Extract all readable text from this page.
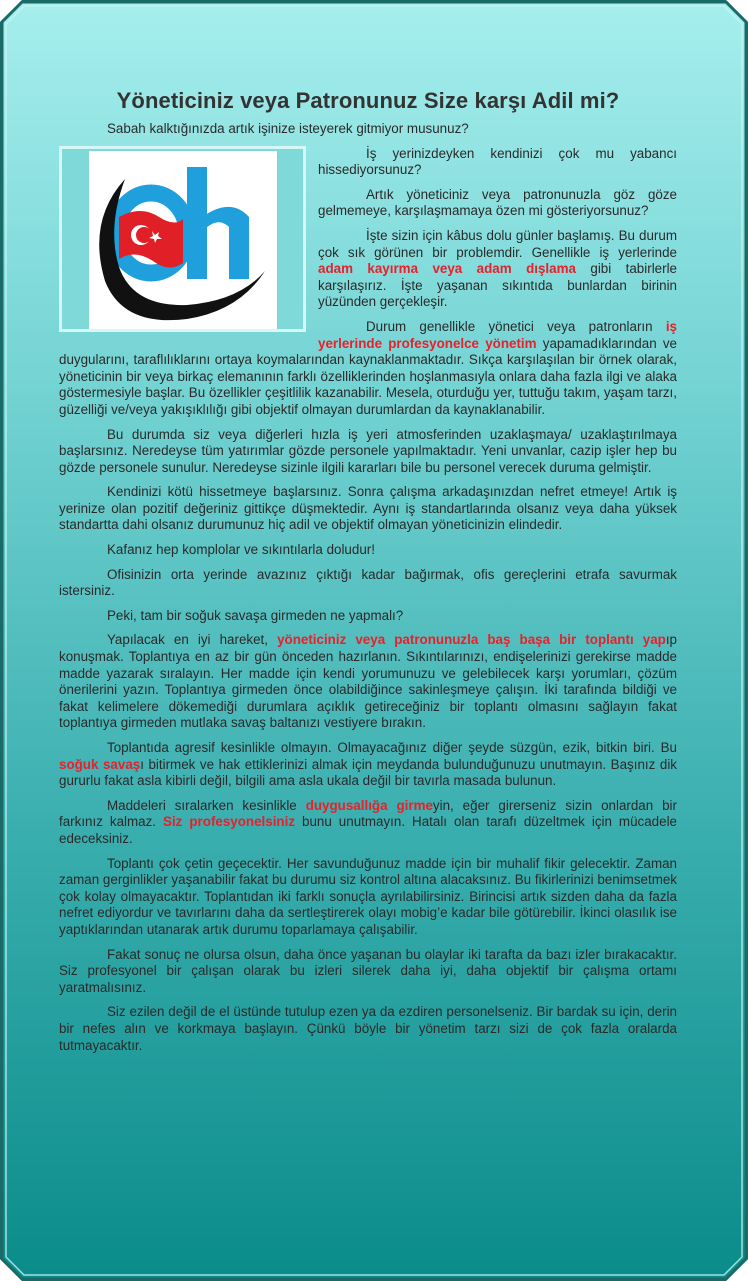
Yöneticiniz veya Patronunuz Size karşı Adil mi?

Sabah kalktığınızda artık işinize isteyerek gitmiyor musunuz?

İş yerinizdeyken kendinizi çok mu yabancı hissediyorsunuz?

Artık yöneticiniz veya patronunuzla göz göze gelmemeye, karşılaşmamaya özen mi gösteriyorsunuz?

İşte sizin için kâbus dolu günler başlamış. Bu durum çok sık görünen bir problemdir. Genellikle iş yerlerinde adam kayırma veya adam dışlama gibi tabirlerle karşılaşırız. İşte yaşanan sıkıntıda bunlardan birinin yüzünden gerçekleşir.

Durum genellikle yönetici veya patronların iş yerlerinde profesyonelce yönetim yapamadıklarından ve duygularını, taraflılıklarını ortaya koymalarından kaynaklanmaktadır. Sıkça karşılaşılan bir örnek olarak, yöneticinin bir veya birkaç elemanının farklı özelliklerinden hoşlanmasıyla onlara daha fazla ilgi ve alaka göstermesiyle başlar. Bu özellikler çeşitlilik kazanabilir. Mesela, oturduğu yer, tuttuğu takım, yaşam tarzı, güzelliği ve/veya yakışıklılığı gibi objektif olmayan durumlardan da kaynaklanabilir.

Bu durumda siz veya diğerleri hızla iş yeri atmosferinden uzaklaşmaya/ uzaklaştırılmaya başlarsınız. Neredeyse tüm yatırımlar gözde personele yapılmaktadır. Yeni unvanlar, cazip işler hep bu gözde personele sunulur. Neredeyse sizinle ilgili kararları bile bu personel verecek duruma gelmiştir.

Kendinizi kötü hissetmeye başlarsınız. Sonra çalışma arkadaşınızdan nefret etmeye! Artık iş yerinize olan pozitif değeriniz gittikçe düşmektedir. Aynı iş standartlarında olsanız veya daha yüksek standartta dahi olsanız durumunuz hiç adil ve objektif olmayan yöneticinizin elindedir.

Kafanız hep komplolar ve sıkıntılarla doludur!

Ofisinizin orta yerinde avazınız çıktığı kadar bağırmak, ofis gereçlerini etrafa savurmak istersiniz.

Peki, tam bir soğuk savaşa girmeden ne yapmalı?

Yapılacak en iyi hareket, yöneticiniz veya patronunuzla baş başa bir toplantı yapıp konuşmak. Toplantıya en az bir gün önceden hazırlanın. Sıkıntılarınızı, endişelerinizi gerekirse madde madde yazarak sıralayın. Her madde için kendi yorumunuzu ve gelebilecek karşı yorumları, çözüm önerilerini yazın. Toplantıya girmeden önce olabildiğince sakinleşmeye çalışın. İki tarafında bildiği ve fakat kelimelere dökemediği durumlara açıklık getireceğiniz bir toplantı olmasını sağlayın fakat toplantıya girmeden mutlaka savaş baltanızı vestiyere bırakın.

Toplantıda agresif kesinlikle olmayın. Olmayacağınız diğer şeyde süzgün, ezik, bitkin biri. Bu soğuk savaşı bitirmek ve hak ettiklerinizi almak için meydanda bulunduğunuzu unutmayın. Başınız dik gururlu fakat asla kibirli değil, bilgili ama asla ukala değil bir tavırla masada bulunun.

Maddeleri sıralarken kesinlikle duygusallığa girmeyin, eğer girerseniz sizin onlardan bir farkınız kalmaz. Siz profesyonelsiniz bunu unutmayın. Hatalı olan tarafı düzeltmek için mücadele edeceksiniz.

Toplantı çok çetin geçecektir. Her savunduğunuz madde için bir muhalif fikir gelecektir. Zaman zaman gerginlikler yaşanabilir fakat bu durumu siz kontrol altına alacaksınız. Bu fikirlerinizi benimsetmek çok kolay olmayacaktır. Toplantıdan iki farklı sonuçla ayrılabilirsiniz. Birincisi artık sizden daha da fazla nefret ediyordur ve tavırlarını daha da sertleştirerek olayı mobig’e kadar bile götürebilir. İkinci olasılık ise yaptıklarından utanarak artık durumu toparlamaya çalışabilir.

Fakat sonuç ne olursa olsun, daha önce yaşanan bu olaylar iki tarafta da bazı izler bırakacaktır. Siz profesyonel bir çalışan olarak bu izleri silerek daha iyi, daha objektif bir çalışma ortamı yaratmalısınız.

Siz ezilen değil de el üstünde tutulup ezen ya da ezdiren personelseniz. Bir bardak su için, derin bir nefes alın ve korkmaya başlayın. Çünkü böyle bir yönetim tarzı sizi de çok fazla oralarda tutmayacaktır.
